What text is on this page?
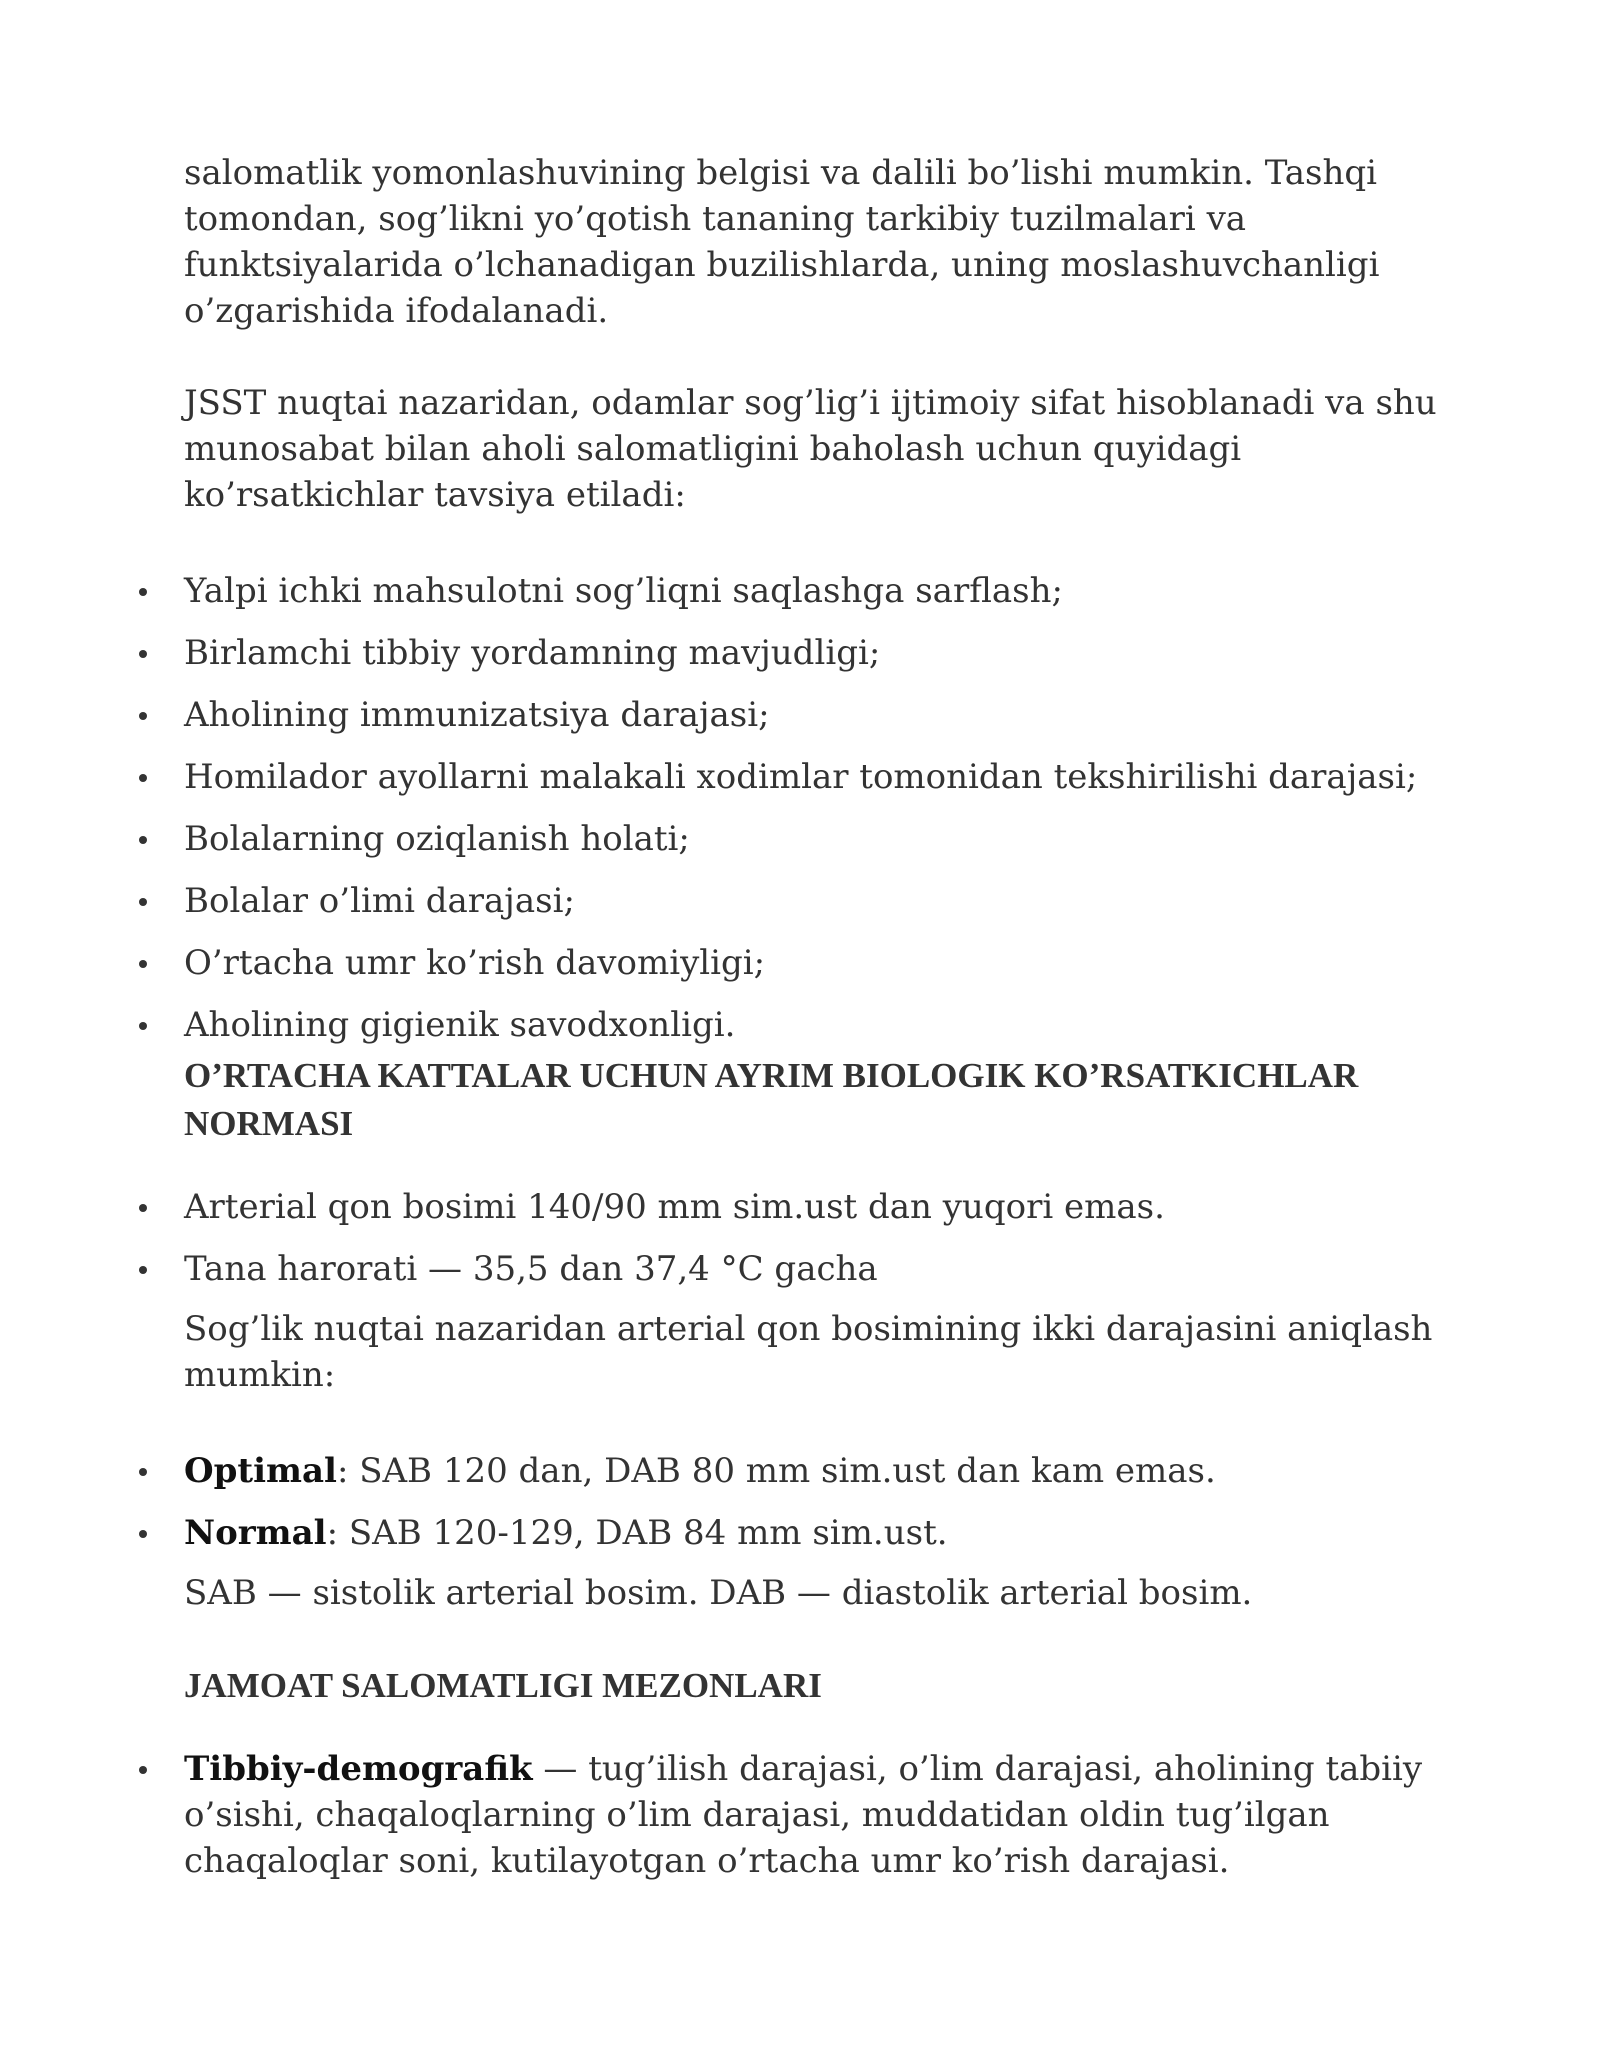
salomatlik yomonlashuvining belgisi va dalili bo’lishi mumkin. Tashqi tomondan, sog’likni yo’qotish tananing tarkibiy tuzilmalari va funktsiyalarida o’lchanadigan buzilishlarda, uning moslashuvchanligi o’zgarishida ifodalanadi.

JSST nuqtai nazaridan, odamlar sog’lig’i ijtimoiy sifat hisoblanadi va shu munosabat bilan aholi salomatligini baholash uchun quyidagi ko’rsatkichlar tavsiya etiladi:

Yalpi ichki mahsulotni sog’liqni saqlashga sarflash;
Birlamchi tibbiy yordamning mavjudligi;
Aholining immunizatsiya darajasi;
Homilador ayollarni malakali xodimlar tomonidan tekshirilishi darajasi;
Bolalarning oziqlanish holati;
Bolalar o’limi darajasi;
O’rtacha umr ko’rish davomiyligi;
Aholining gigienik savodxonligi.
O’RTACHA KATTALAR UCHUN AYRIM BIOLOGIK KO’RSATKICHLAR NORMASI
Arterial qon bosimi 140/90 mm sim.ust dan yuqori emas.
Tana harorati — 35,5 dan 37,4 °C gacha

Sog’lik nuqtai nazaridan arterial qon bosimining ikki darajasini aniqlash mumkin:

Optimal: SAB 120 dan, DAB 80 mm sim.ust dan kam emas.
Normal: SAB 120-129, DAB 84 mm sim.ust.

SAB — sistolik arterial bosim. DAB — diastolik arterial bosim.

JAMOAT SALOMATLIGI MEZONLARI
Tibbiy-demografik — tug’ilish darajasi, o’lim darajasi, aholining tabiiy o’sishi, chaqaloqlarning o’lim darajasi, muddatidan oldin tug’ilgan chaqaloqlar soni, kutilayotgan o’rtacha umr ko’rish darajasi.
